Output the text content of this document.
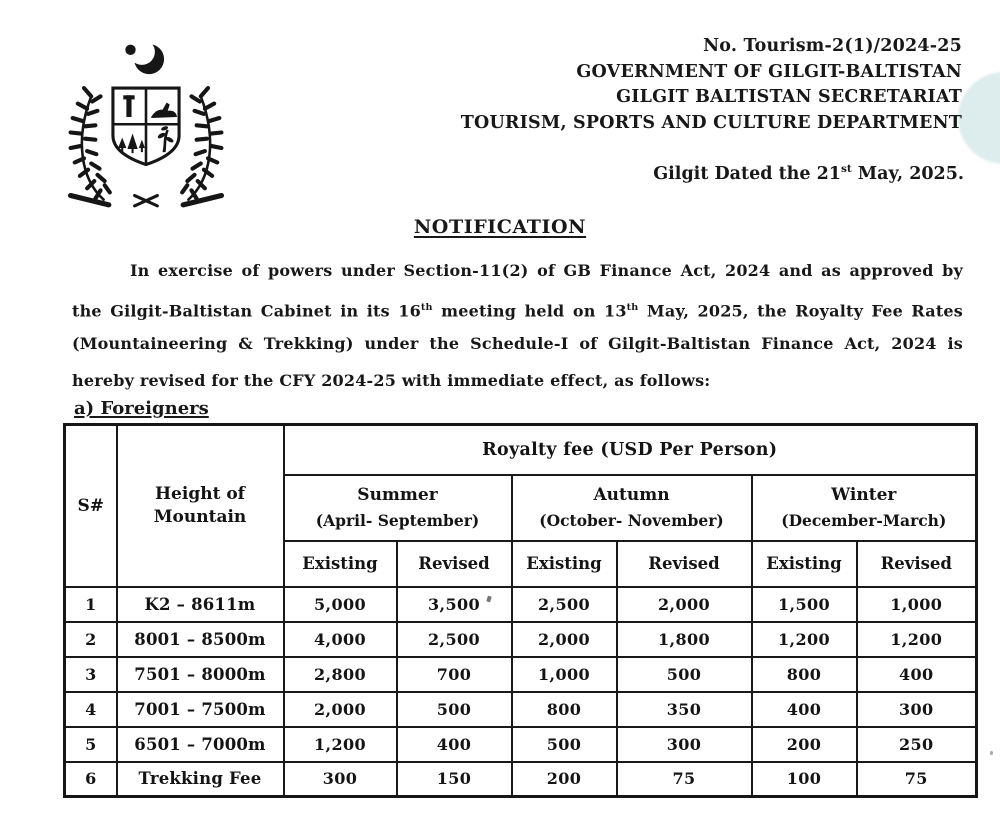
No. Tourism-2(1)/2024-25
GOVERNMENT OF GILGIT-BALTISTAN
GILGIT BALTISTAN SECRETARIAT
TOURISM, SPORTS AND CULTURE DEPARTMENT
Gilgit Dated the 21st May, 2025.
NOTIFICATION
In exercise of powers under Section-11(2) of GB Finance Act, 2024 and as approved by
the Gilgit-Baltistan Cabinet in its 16th meeting held on 13th May, 2025, the Royalty Fee Rates
(Mountaineering & Trekking) under the Schedule-I of Gilgit-Baltistan Finance Act, 2024 is
hereby revised for the CFY 2024-25 with immediate effect, as follows:
a) Foreigners
S#	Height of Mountain	Royalty fee (USD Per Person)					

Summer
(April- September)

Autumn
(October- November)

Winter
(December-March)

		Existing	Revised	Existing	Revised	Existing	Revised
1	K2 – 8611m	5,000	3,500	2,500	2,000	1,500	1,000
2	8001 – 8500m	4,000	2,500	2,000	1,800	1,200	1,200
3	7501 – 8000m	2,800	700	1,000	500	800	400
4	7001 – 7500m	2,000	500	800	350	400	300
5	6501 – 7000m	1,200	400	500	300	200	250
6	Trekking Fee	300	150	200	75	100	75
